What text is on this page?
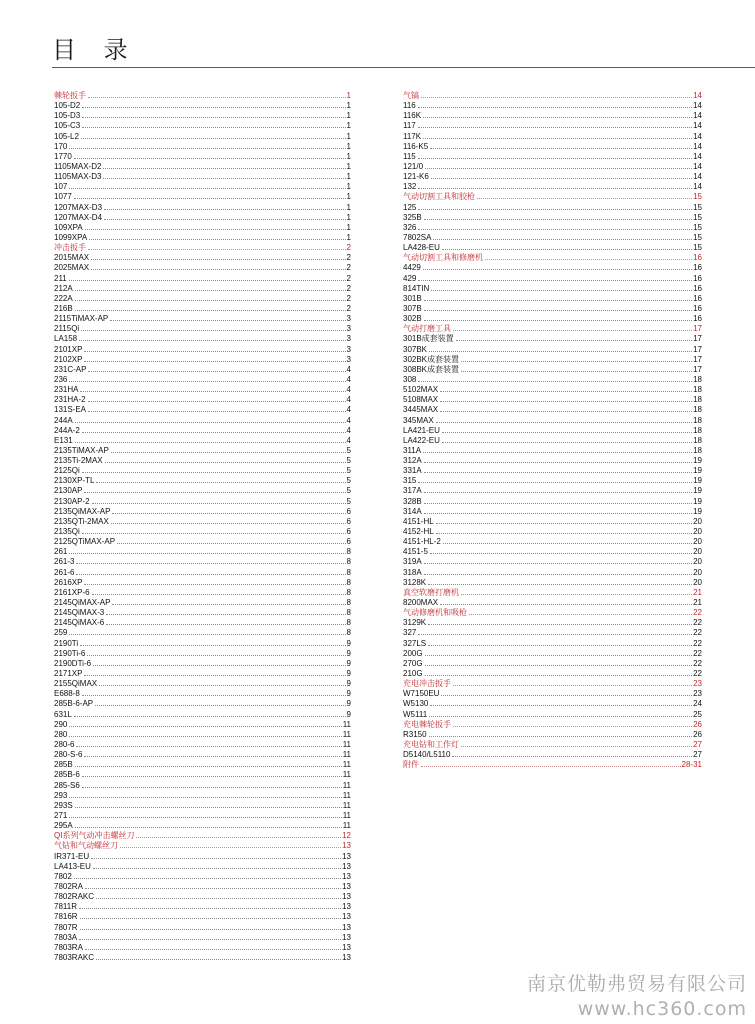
目 录
棘轮扳手	1
105-D2	1
105-D3	1
105-C3	1
105-L2	1
170	1
1770	1
1105MAX-D2	1
1105MAX-D3	1
107	1
1077	1
1207MAX-D3	1
1207MAX-D4	1
109XPA	1
1099XPA	1
冲击扳手	2
2015MAX	2
2025MAX	2
211	2
212A	2
222A	2
216B	2
2115TiMAX-AP	3
2115Qi	3
LA158	3
2101XP	3
2102XP	3
231C-AP	4
236	4
231HA	4
231HA-2	4
131S-EA	4
244A	4
244A-2	4
E131	4
2135TiMAX-AP	5
2135Ti-2MAX	5
2125Qi	5
2130XP-TL	5
2130AP	5
2130AP-2	5
2135QiMAX-AP	6
2135QTi-2MAX	6
2135Qi	6
2125QTiMAX-AP	6
261	8
261-3	8
261-6	8
2616XP	8
2161XP-6	8
2145QiMAX-AP	8
2145QiMAX-3	8
2145QiMAX-6	8
259	8
2190Ti	9
2190Ti-6	9
2190DTi-6	9
2171XP	9
2155QiMAX	9
E688-8	9
285B-6-AP	9
631L	9
290	11
280	11
280-6	11
280-S-6	11
285B	11
285B-6	11
285-S6	11
293	11
293S	11
271	11
295A	11
QI系列气动冲击螺丝刀	12
气钻和气动螺丝刀	13
IR371-EU	13
LA413-EU	13
7802	13
7802RA	13
7802RAKC	13
7811R	13
7816R	13
7807R	13
7803A	13
7803RA	13
7803RAKC	13
气镐	14
116	14
116K	14
117	14
117K	14
116-K5	14
115	14
121/0	14
121-K6	14
132	14
气动切割工具和胶枪	15
125	15
325B	15
326	15
7802SA	15
LA428-EU	15
气动切割工具和修磨机	16
4429	16
429	16
814TIN	16
301B	16
307B	16
302B	16
气动打磨工具	17
301B成套装置	17
307BK	17
302BK成套装置	17
308BK成套装置	17
308	18
5102MAX	18
5108MAX	18
3445MAX	18
345MAX	18
LA421-EU	18
LA422-EU	18
311A	18
312A	19
331A	19
315	19
317A	19
328B	19
314A	19
4151-HL	20
4152-HL	20
4151-HL-2	20
4151-5	20
319A	20
318A	20
3128K	20
真空软磨打磨机	21
8200MAX	21
气动修磨机和吸枪	22
3129K	22
327	22
327LS	22
200G	22
270G	22
210G	22
充电冲击扳手	23
W7150EU	23
W5130	24
W5111	25
充电棘轮扳手	26
R3150	26
充电钻和工作灯	27
D5140/L5110	27
附件	28-31
南京优勒弗贸易有限公司
www.hc360.com
